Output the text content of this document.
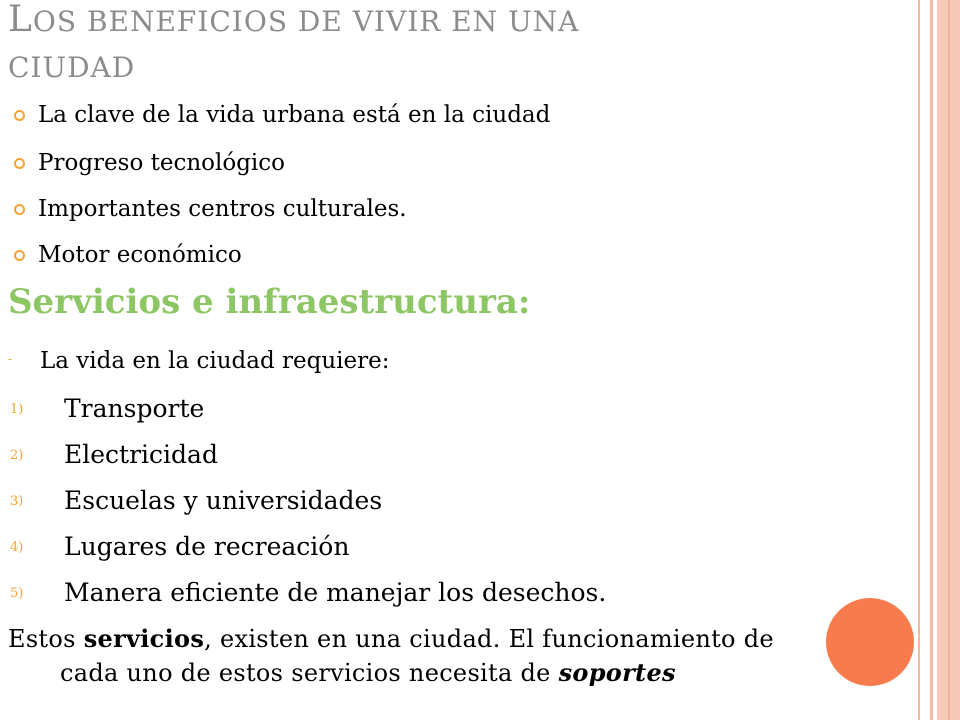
LOS BENEFICIOS DE VIVIR EN UNA
CIUDAD
La clave de la vida urbana está en la ciudad
Progreso tecnológico
Importantes centros culturales.
Motor económico
Servicios e infraestructura:
- La vida en la ciudad requiere:
1) Transporte
2) Electricidad
3) Escuelas y universidades
4) Lugares de recreación
5) Manera eficiente de manejar los desechos.

Estos servicios, existen en una ciudad. El funcionamiento de
cada uno de estos servicios necesita de soportes
